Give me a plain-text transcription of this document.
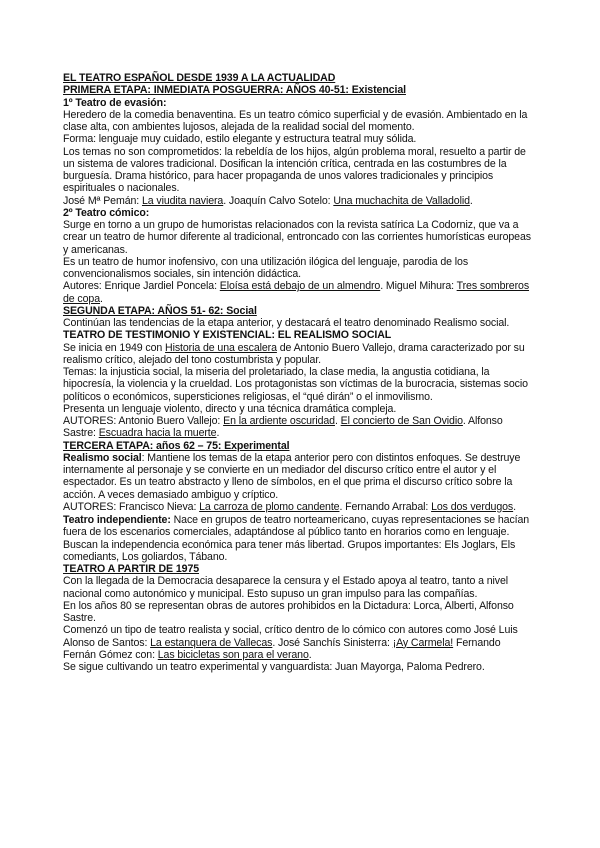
EL TEATRO ESPAÑOL DESDE 1939 A LA ACTUALIDAD

PRIMERA ETAPA: INMEDIATA POSGUERRA: AÑOS 40-51: Existencial

1º Teatro de evasión:

Heredero de la comedia benaventina. Es un teatro cómico superficial y de evasión. Ambientado en la clase alta, con ambientes lujosos, alejada de la realidad social del momento.

Forma: lenguaje muy cuidado, estilo elegante y estructura teatral muy sólida.

Los temas no son comprometidos: la rebeldía de los hijos, algún problema moral, resuelto a partir de un sistema de valores tradicional. Dosifican la intención crítica, centrada en las costumbres de la burguesía. Drama histórico, para hacer propaganda de unos valores tradicionales y principios espirituales o nacionales.

José Mª Pemán: La viudita naviera. Joaquín Calvo Sotelo: Una muchachita de Valladolid.

2º Teatro cómico:

Surge en torno a un grupo de humoristas relacionados con la revista satírica La Codorniz, que va a crear un teatro de humor diferente al tradicional, entroncado con las corrientes humorísticas europeas y americanas.

Es un teatro de humor inofensivo, con una utilización ilógica del lenguaje, parodia de los convencionalismos sociales, sin intención didáctica.

Autores: Enrique Jardiel Poncela: Eloísa está debajo de un almendro. Miguel Mihura: Tres sombreros de copa.

SEGUNDA ETAPA: AÑOS 51- 62: Social

Continúan las tendencias de la etapa anterior, y destacará el teatro denominado Realismo social.

TEATRO DE TESTIMONIO Y EXISTENCIAL: EL REALISMO SOCIAL

Se inicia en 1949 con Historia de una escalera de Antonio Buero Vallejo, drama caracterizado por su realismo crítico, alejado del tono costumbrista y popular.

Temas: la injusticia social, la miseria del proletariado, la clase media, la angustia cotidiana, la hipocresía, la violencia y la crueldad. Los protagonistas son víctimas de la burocracia, sistemas socio políticos o económicos, supersticiones religiosas, el “qué dirán” o el inmovilismo.

Presenta un lenguaje violento, directo y una técnica dramática compleja.

AUTORES: Antonio Buero Vallejo: En la ardiente oscuridad. El concierto de San Ovidio. Alfonso Sastre: Escuadra hacia la muerte.

TERCERA ETAPA: años 62 – 75: Experimental

Realismo social: Mantiene los temas de la etapa anterior pero con distintos enfoques. Se destruye internamente al personaje y se convierte en un mediador del discurso crítico entre el autor y el espectador. Es un teatro abstracto y lleno de símbolos, en el que prima el discurso crítico sobre la acción. A veces demasiado ambiguo y críptico.

AUTORES: Francisco Nieva: La carroza de plomo candente. Fernando Arrabal: Los dos verdugos.

Teatro independiente: Nace en grupos de teatro norteamericano, cuyas representaciones se hacían fuera de los escenarios comerciales, adaptándose al público tanto en horarios como en lenguaje. Buscan la independencia económica para tener más libertad. Grupos importantes: Els Joglars, Els comediants, Los goliardos, Tábano.

TEATRO A PARTIR DE 1975

Con la llegada de la Democracia desaparece la censura y el Estado apoya al teatro, tanto a nivel nacional como autonómico y municipal. Esto supuso un gran impulso para las compañías.

En los años 80 se representan obras de autores prohibidos en la Dictadura: Lorca, Alberti, Alfonso Sastre.

Comenzó un tipo de teatro realista y social, crítico dentro de lo cómico con autores como José Luis Alonso de Santos: La estanquera de Vallecas. José Sanchís Sinisterra: ¡Ay Carmela! Fernando Fernán Gómez con: Las bicicletas son para el verano.

Se sigue cultivando un teatro experimental y vanguardista: Juan Mayorga, Paloma Pedrero.
